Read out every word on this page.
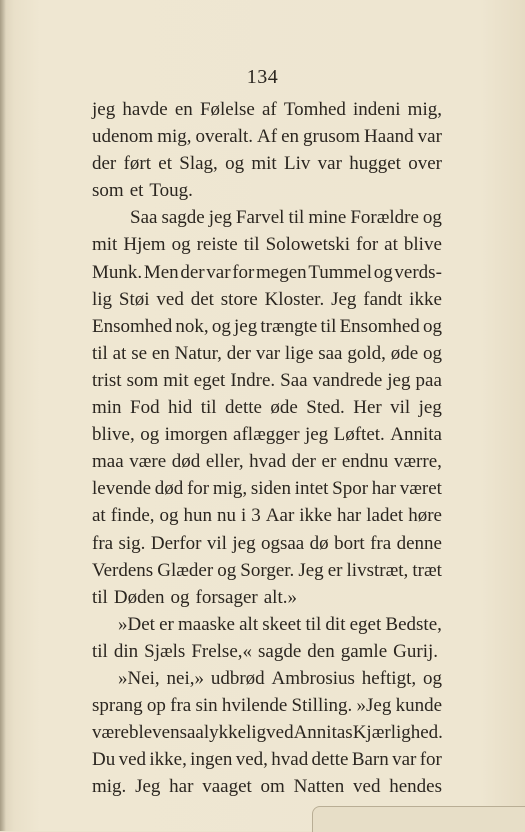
134
jeg havde en Følelse af Tomhed indeni mig,
udenom mig, overalt. Af en grusom Haand var
der ført et Slag, og mit Liv var hugget over
som et Toug.
Saa sagde jeg Farvel til mine Forældre og
mit Hjem og reiste til Solowetski for at blive
Munk. Men der var for megen Tummel og verds-
lig Støi ved det store Kloster. Jeg fandt ikke
Ensomhed nok, og jeg trængte til Ensomhed og
til at se en Natur, der var lige saa gold, øde og
trist som mit eget Indre. Saa vandrede jeg paa
min Fod hid til dette øde Sted. Her vil jeg
blive, og imorgen aflægger jeg Løftet. Annita
maa være død eller, hvad der er endnu værre,
levende død for mig, siden intet Spor har været
at finde, og hun nu i 3 Aar ikke har ladet høre
fra sig. Derfor vil jeg ogsaa dø bort fra denne
Verdens Glæder og Sorger. Jeg er livstræt, træt
til Døden og forsager alt.»
»Det er maaske alt skeet til dit eget Bedste,
til din Sjæls Frelse,« sagde den gamle Gurij.
»Nei, nei,» udbrød Ambrosius heftigt, og
sprang op fra sin hvilende Stilling. »Jeg kunde
være bleven saa lykkelig ved Annitas Kjærlighed.
Du ved ikke, ingen ved, hvad dette Barn var for
mig. Jeg har vaaget om Natten ved hendes
